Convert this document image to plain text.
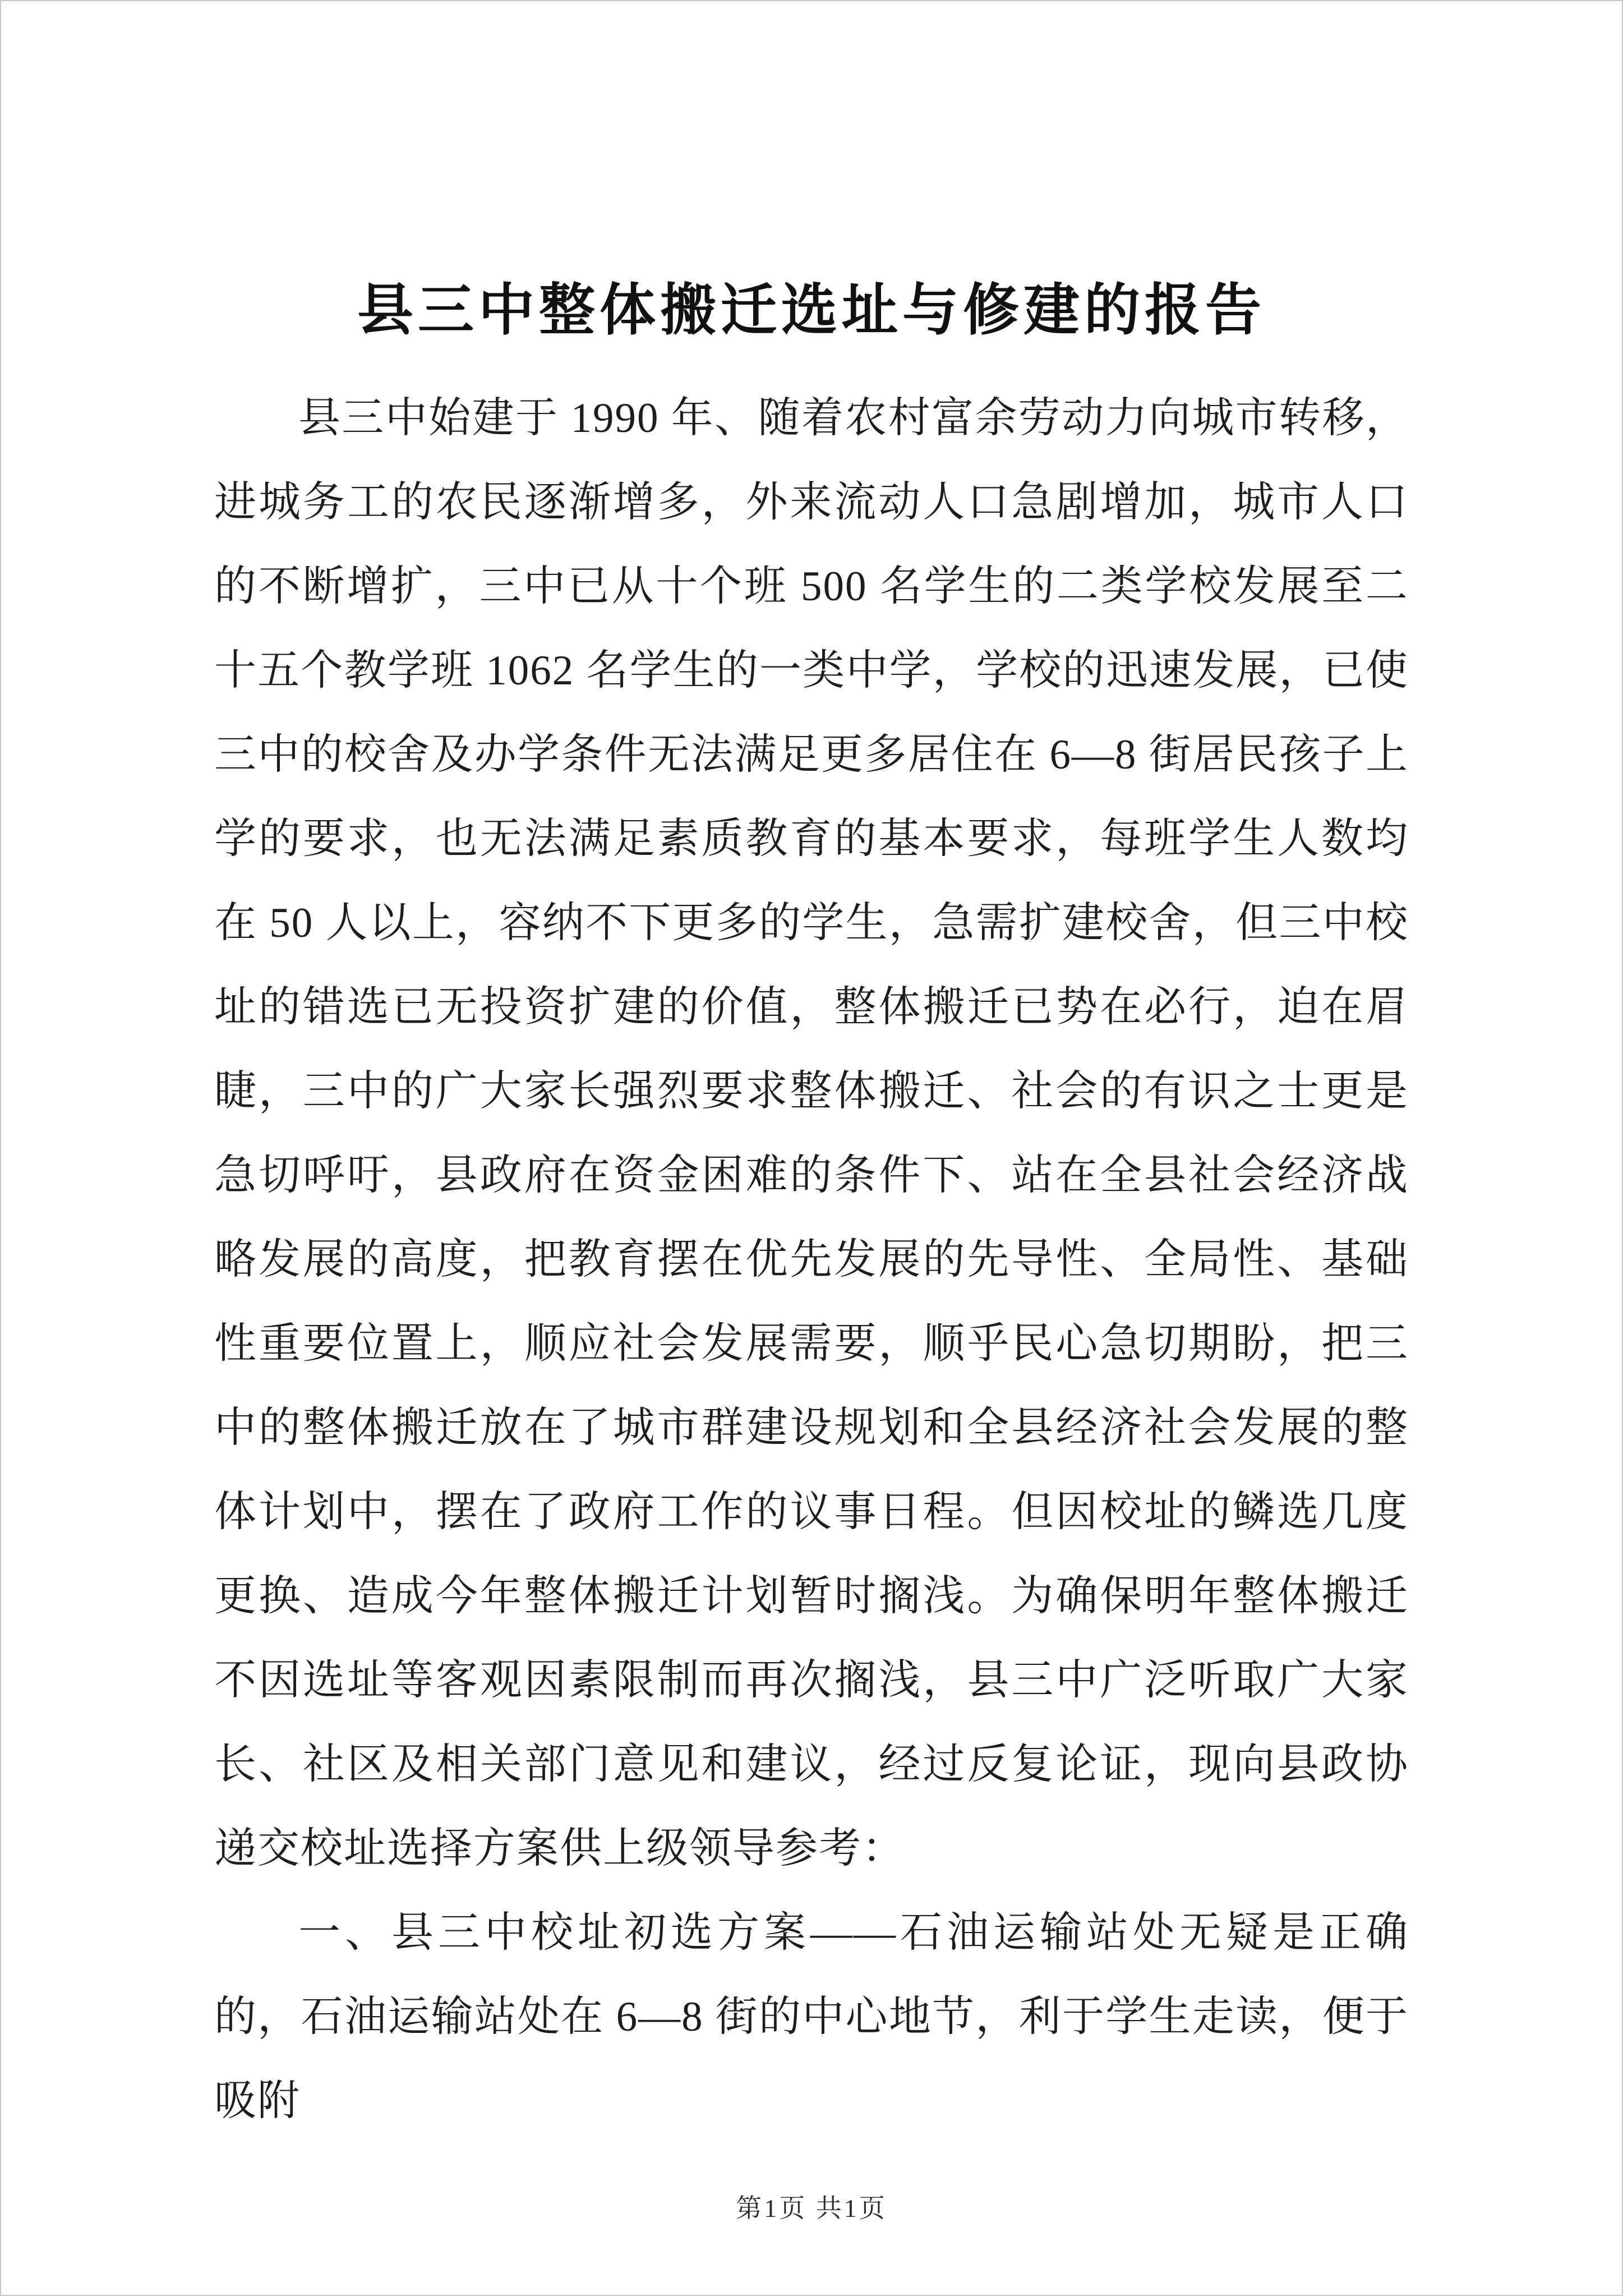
县三中整体搬迁选址与修建的报告

县三中始建于 1990 年、随着农村富余劳动力向城市转移，进城务工的农民逐渐增多，外来流动人口急剧增加，城市人口的不断增扩，三中已从十个班 500 名学生的二类学校发展至二十五个教学班 1062 名学生的一类中学，学校的迅速发展，已使三中的校舍及办学条件无法满足更多居住在 6—8 街居民孩子上学的要求，也无法满足素质教育的基本要求，每班学生人数均在 50 人以上，容纳不下更多的学生，急需扩建校舍，但三中校址的错选已无投资扩建的价值，整体搬迁已势在必行，迫在眉睫，三中的广大家长强烈要求整体搬迁、社会的有识之士更是急切呼吁，县政府在资金困难的条件下、站在全县社会经济战略发展的高度，把教育摆在优先发展的先导性、全局性、基础性重要位置上，顺应社会发展需要，顺乎民心急切期盼，把三中的整体搬迁放在了城市群建设规划和全县经济社会发展的整体计划中，摆在了政府工作的议事日程。但因校址的鳞选几度更换、造成今年整体搬迁计划暂时搁浅。为确保明年整体搬迁不因选址等客观因素限制而再次搁浅，县三中广泛听取广大家长、社区及相关部门意见和建议，经过反复论证，现向县政协递交校址选择方案供上级领导参考：

一、县三中校址初选方案——石油运输站处无疑是正确的，石油运输站处在 6—8 街的中心地节，利于学生走读，便于吸附

第1页 共1页
